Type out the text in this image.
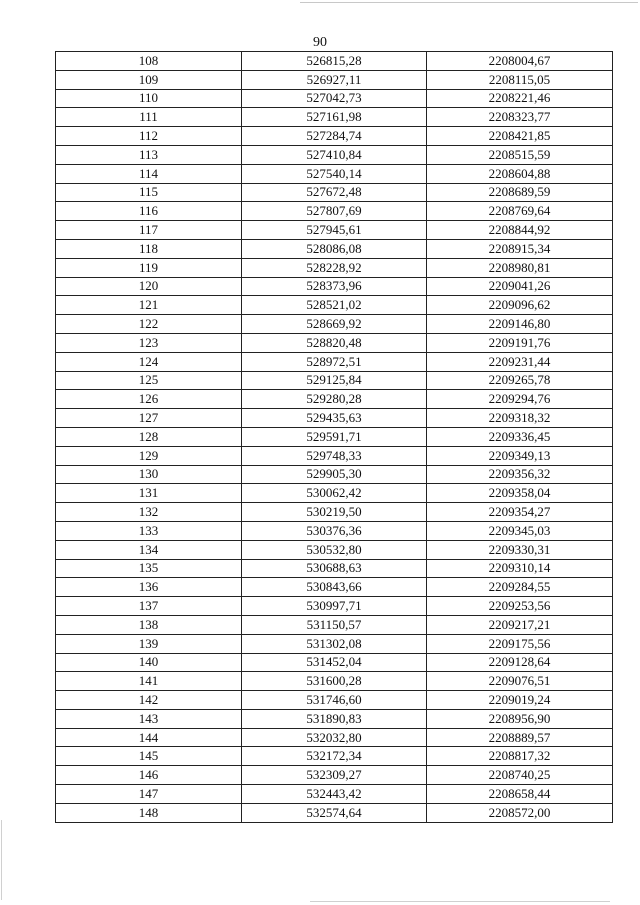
90
108	526815,28	2208004,67
109	526927,11	2208115,05
110	527042,73	2208221,46
111	527161,98	2208323,77
112	527284,74	2208421,85
113	527410,84	2208515,59
114	527540,14	2208604,88
115	527672,48	2208689,59
116	527807,69	2208769,64
117	527945,61	2208844,92
118	528086,08	2208915,34
119	528228,92	2208980,81
120	528373,96	2209041,26
121	528521,02	2209096,62
122	528669,92	2209146,80
123	528820,48	2209191,76
124	528972,51	2209231,44
125	529125,84	2209265,78
126	529280,28	2209294,76
127	529435,63	2209318,32
128	529591,71	2209336,45
129	529748,33	2209349,13
130	529905,30	2209356,32
131	530062,42	2209358,04
132	530219,50	2209354,27
133	530376,36	2209345,03
134	530532,80	2209330,31
135	530688,63	2209310,14
136	530843,66	2209284,55
137	530997,71	2209253,56
138	531150,57	2209217,21
139	531302,08	2209175,56
140	531452,04	2209128,64
141	531600,28	2209076,51
142	531746,60	2209019,24
143	531890,83	2208956,90
144	532032,80	2208889,57
145	532172,34	2208817,32
146	532309,27	2208740,25
147	532443,42	2208658,44
148	532574,64	2208572,00
